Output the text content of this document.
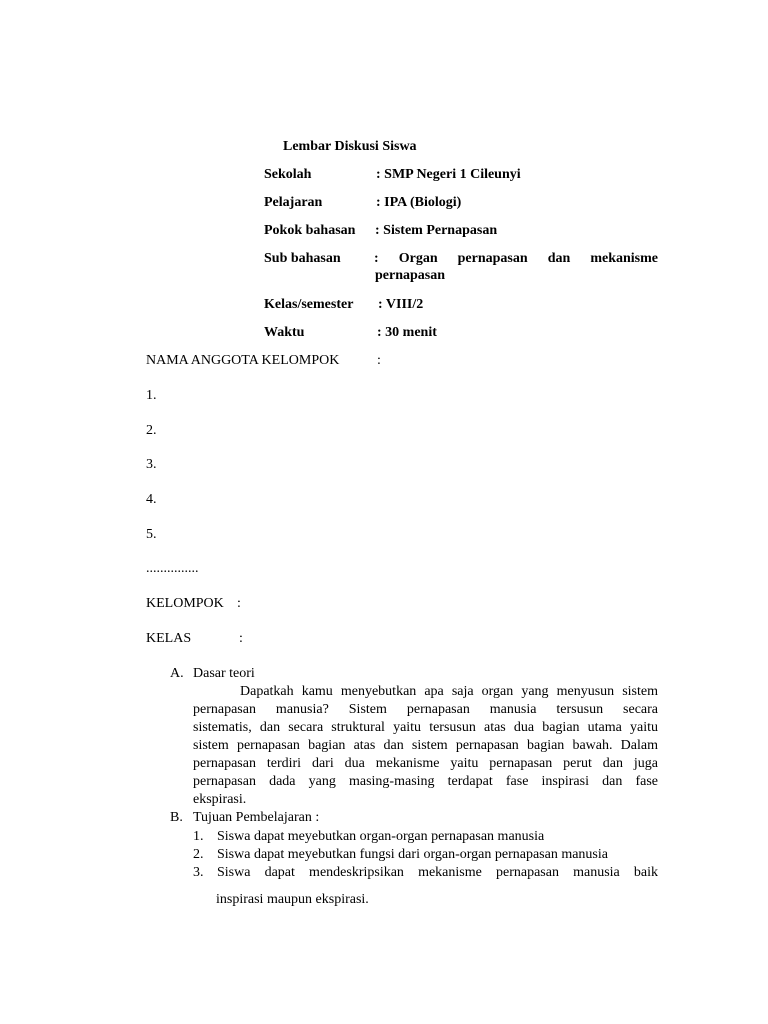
Lembar Diskusi Siswa
Sekolah	: SMP Negeri 1 Cileunyi
Pelajaran	: IPA (Biologi)
Pokok bahasan : Sistem Pernapasan
Sub bahasan : Organ pernapasan dan mekanisme
pernapasan
Kelas/semester : VIII/2
Waktu	: 30 menit
NAMA ANGGOTA KELOMPOK	:
1.
2.
3.
4.
5.
...............
KELOMPOK :
KELAS	:
A. Dasar teori
Dapatkah kamu menyebutkan apa saja organ yang menyusun sistem
pernapasan manusia? Sistem pernapasan manusia tersusun secara
sistematis, dan secara struktural yaitu tersusun atas dua bagian utama yaitu
sistem pernapasan bagian atas dan sistem pernapasan bagian bawah. Dalam
pernapasan terdiri dari dua mekanisme yaitu pernapasan perut dan juga
pernapasan dada yang masing-masing terdapat fase inspirasi dan fase
ekspirasi.
B. Tujuan Pembelajaran :
1. Siswa dapat meyebutkan organ-organ pernapasan manusia
2. Siswa dapat meyebutkan fungsi dari organ-organ pernapasan manusia
3. Siswa dapat mendeskripsikan mekanisme pernapasan manusia baik
inspirasi maupun ekspirasi.
